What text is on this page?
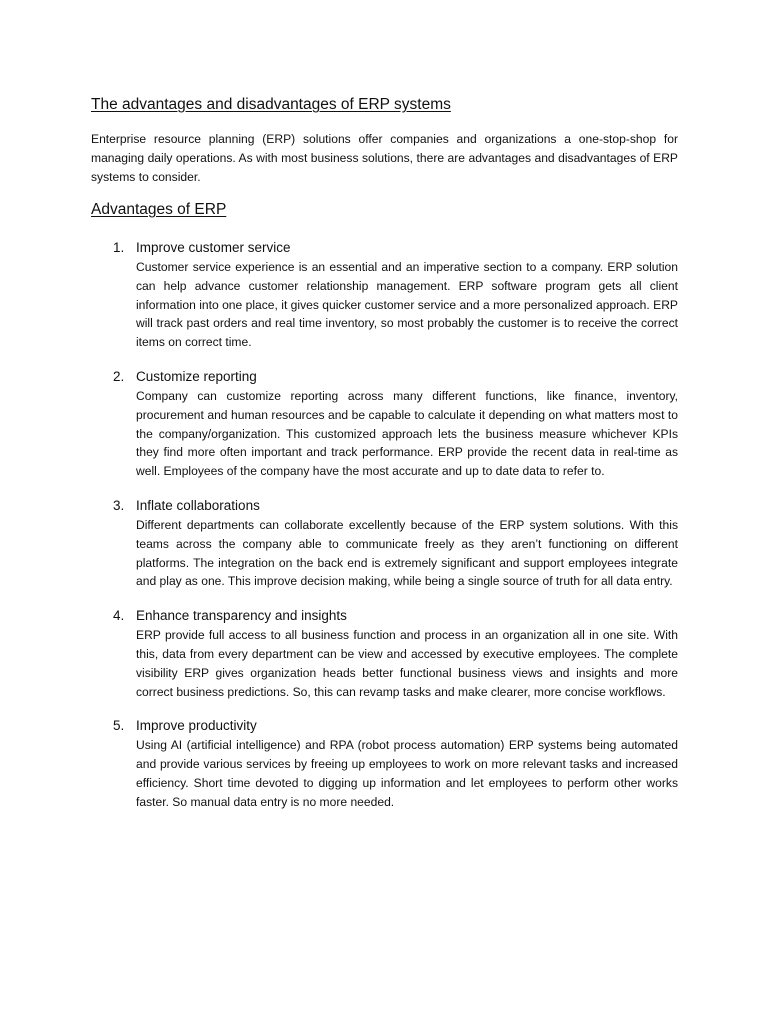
The advantages and disadvantages of ERP systems

Enterprise resource planning (ERP) solutions offer companies and organizations a one-stop-shop for managing daily operations. As with most business solutions, there are advantages and disadvantages of ERP systems to consider.

Advantages of ERP
1. Improve customer service

Customer service experience is an essential and an imperative section to a company. ERP solution can help advance customer relationship management. ERP software program gets all client information into one place, it gives quicker customer service and a more personalized approach. ERP will track past orders and real time inventory, so most probably the customer is to receive the correct items on correct time.

2. Customize reporting

Company can customize reporting across many different functions, like finance, inventory, procurement and human resources and be capable to calculate it depending on what matters most to the company/organization. This customized approach lets the business measure whichever KPIs they find more often important and track performance. ERP provide the recent data in real-time as well. Employees of the company have the most accurate and up to date data to refer to.

3. Inflate collaborations

Different departments can collaborate excellently because of the ERP system solutions. With this teams across the company able to communicate freely as they aren’t functioning on different platforms. The integration on the back end is extremely significant and support employees integrate and play as one. This improve decision making, while being a single source of truth for all data entry.

4. Enhance transparency and insights

ERP provide full access to all business function and process in an organization all in one site. With this, data from every department can be view and accessed by executive employees. The complete visibility ERP gives organization heads better functional business views and insights and more correct business predictions. So, this can revamp tasks and make clearer, more concise workflows.

5. Improve productivity

Using AI (artificial intelligence) and RPA (robot process automation) ERP systems being automated and provide various services by freeing up employees to work on more relevant tasks and increased efficiency. Short time devoted to digging up information and let employees to perform other works faster. So manual data entry is no more needed.
